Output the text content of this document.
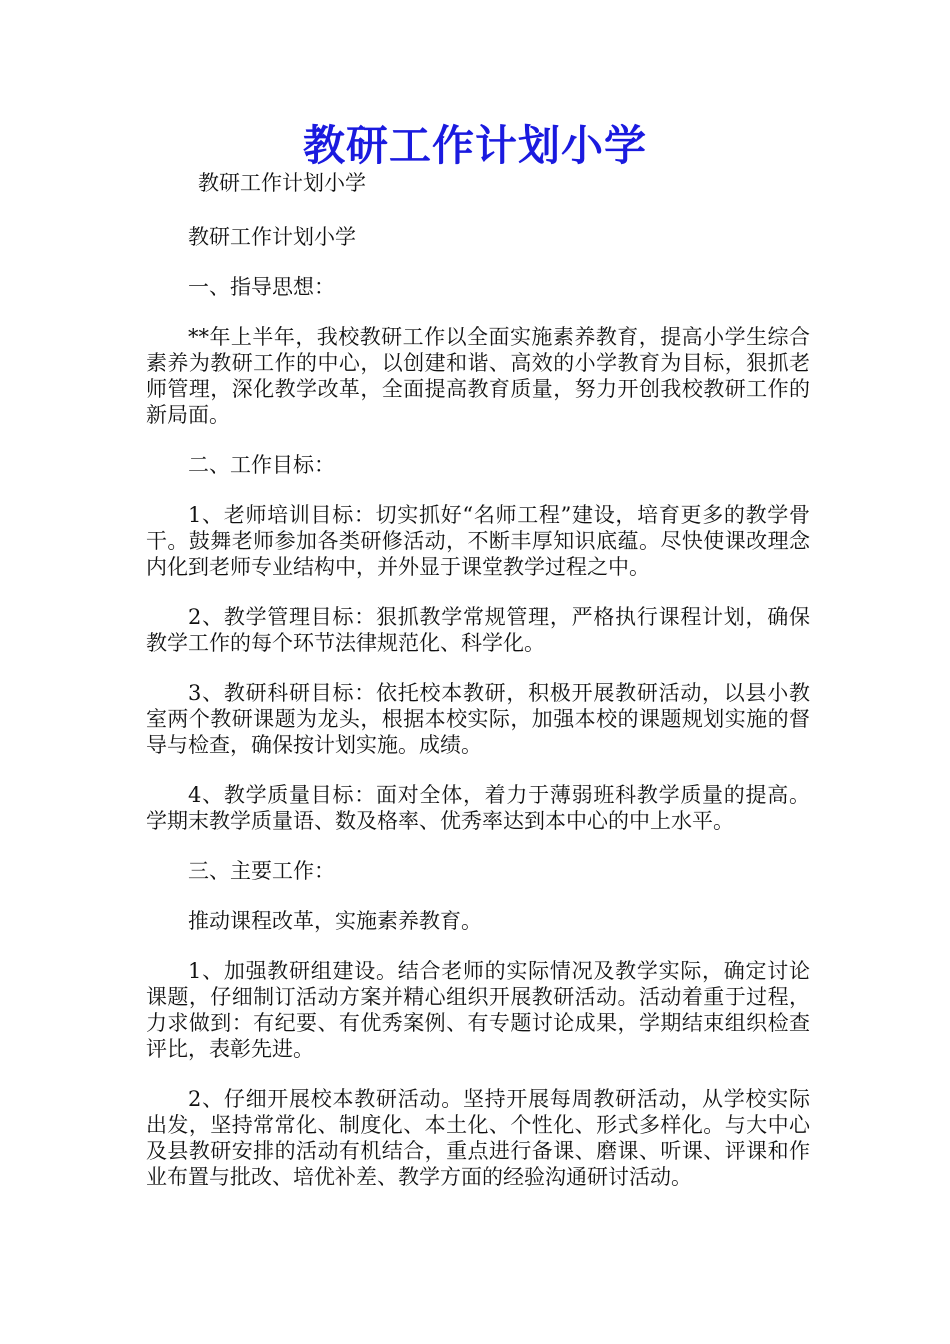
教研工作计划小学

教研工作计划小学

教研工作计划小学

一、指导思想：

**年上半年，我校教研工作以全面实施素养教育，提高小学生综合素养为教研工作的中心，以创建和谐、高效的小学教育为目标，狠抓老师管理，深化教学改革，全面提高教育质量，努力开创我校教研工作的新局面。

二、工作目标：

1、老师培训目标：切实抓好“名师工程”建设，培育更多的教学骨干。鼓舞老师参加各类研修活动，不断丰厚知识底蕴。尽快使课改理念内化到老师专业结构中，并外显于课堂教学过程之中。

2、教学管理目标：狠抓教学常规管理，严格执行课程计划，确保教学工作的每个环节法律规范化、科学化。

3、教研科研目标：依托校本教研，积极开展教研活动，以县小教室两个教研课题为龙头，根据本校实际，加强本校的课题规划实施的督导与检查，确保按计划实施。成绩。

4、教学质量目标：面对全体，着力于薄弱班科教学质量的提高。学期末教学质量语、数及格率、优秀率达到本中心的中上水平。

三、主要工作：

推动课程改革，实施素养教育。

1、加强教研组建设。结合老师的实际情况及教学实际，确定讨论课题，仔细制订活动方案并精心组织开展教研活动。活动着重于过程，力求做到：有纪要、有优秀案例、有专题讨论成果，学期结束组织检查评比，表彰先进。

2、仔细开展校本教研活动。坚持开展每周教研活动，从学校实际出发，坚持常常化、制度化、本土化、个性化、形式多样化。与大中心及县教研安排的活动有机结合，重点进行备课、磨课、听课、评课和作业布置与批改、培优补差、教学方面的经验沟通研讨活动。
